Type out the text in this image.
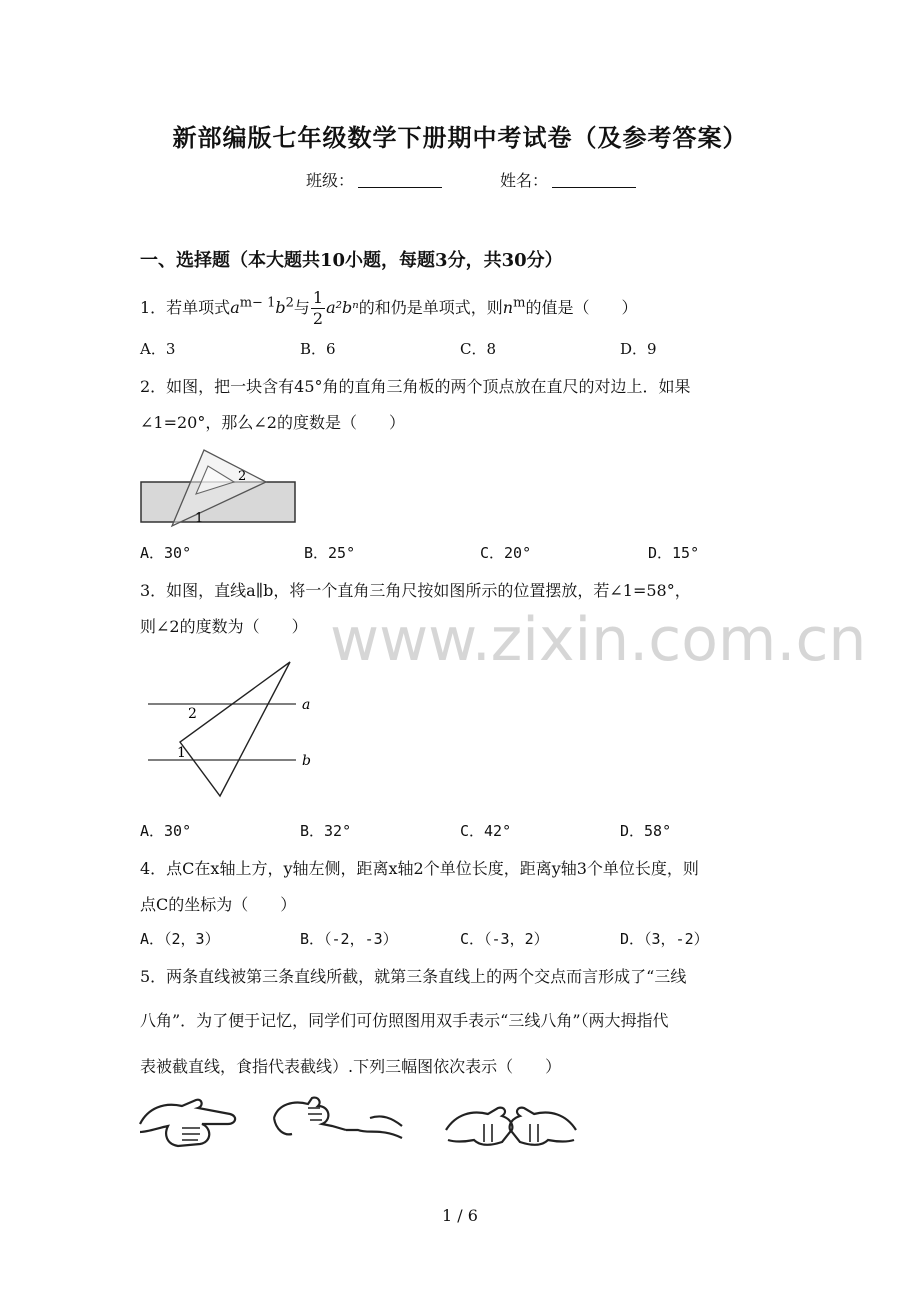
新部编版七年级数学下册期中考试卷（及参考答案）
班级：	姓名：
一、选择题（本大题共10小题，每题3分，共30分）
1．若单项式$a^{m- 1}b^2$与 $\frac{1}{2} a^2b^n$的和仍是单项式，则$n^m$的值是（　　）
A．3	B．6	C．8	D．9
2．如图，把一块含有45°角的直角三角板的两个顶点放在直尺的对边上．如果
∠1=20°，那么∠2的度数是（　　）
2
1
A．30°	B．25°	C．20°	D．15°
3．如图，直线a∥b，将一个直角三角尺按如图所示的位置摆放，若∠1=58°，
则∠2的度数为（　　） www.zixin.com.cn
a
b
2
1
A．30°	B．32°	C．42°	D．58°
4．点C在x轴上方，y轴左侧，距离x轴2个单位长度，距离y轴3个单位长度，则
点C的坐标为（　　）
A．（2，3）	B．（-2，-3）	C．（-3，2）	D．（3，-2）
5．两条直线被第三条直线所截，就第三条直线上的两个交点而言形成了“三线
八角”．为了便于记忆，同学们可仿照图用双手表示“三线八角”（两大拇指代
表被截直线，食指代表截线）.下列三幅图依次表示（　　）
1 / 6
